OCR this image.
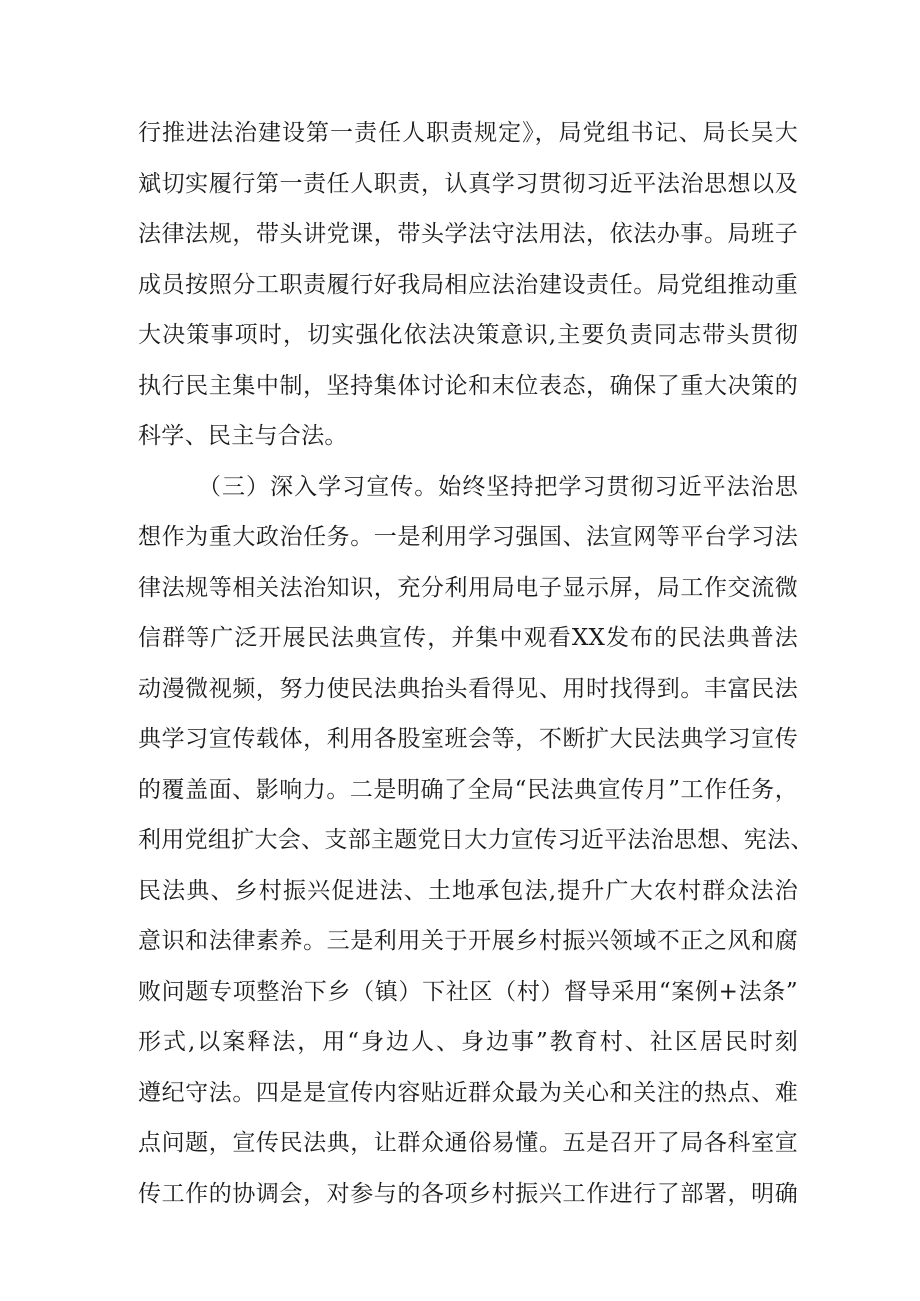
行推进法治建设第一责任人职责规定》，局党组书记、局长吴大
斌切实履行第一责任人职责，认真学习贯彻习近平法治思想以及
法律法规，带头讲党课，带头学法守法用法，依法办事。局班子
成员按照分工职责履行好我局相应法治建设责任。局党组推动重
大决策事项时，切实强化依法决策意识,主要负责同志带头贯彻
执行民主集中制，坚持集体讨论和末位表态，确保了重大决策的
科学、民主与合法。
（三）深入学习宣传。始终坚持把学习贯彻习近平法治思
想作为重大政治任务。一是利用学习强国、法宣网等平台学习法
律法规等相关法治知识，充分利用局电子显示屏，局工作交流微
信群等广泛开展民法典宣传，并集中观看XX发布的民法典普法
动漫微视频，努力使民法典抬头看得见、用时找得到。丰富民法
典学习宣传载体，利用各股室班会等，不断扩大民法典学习宣传
的覆盖面、影响力。二是明确了全局“民法典宣传月”工作任务，
利用党组扩大会、支部主题党日大力宣传习近平法治思想、宪法、
民法典、乡村振兴促进法、土地承包法,提升广大农村群众法治
意识和法律素养。三是利用关于开展乡村振兴领域不正之风和腐
败问题专项整治下乡（镇）下社区（村）督导采用“案例+法条”
形式,以案释法，用“身边人、身边事”教育村、社区居民时刻
遵纪守法。四是是宣传内容贴近群众最为关心和关注的热点、难
点问题，宣传民法典，让群众通俗易懂。五是召开了局各科室宣
传工作的协调会，对参与的各项乡村振兴工作进行了部署，明确
